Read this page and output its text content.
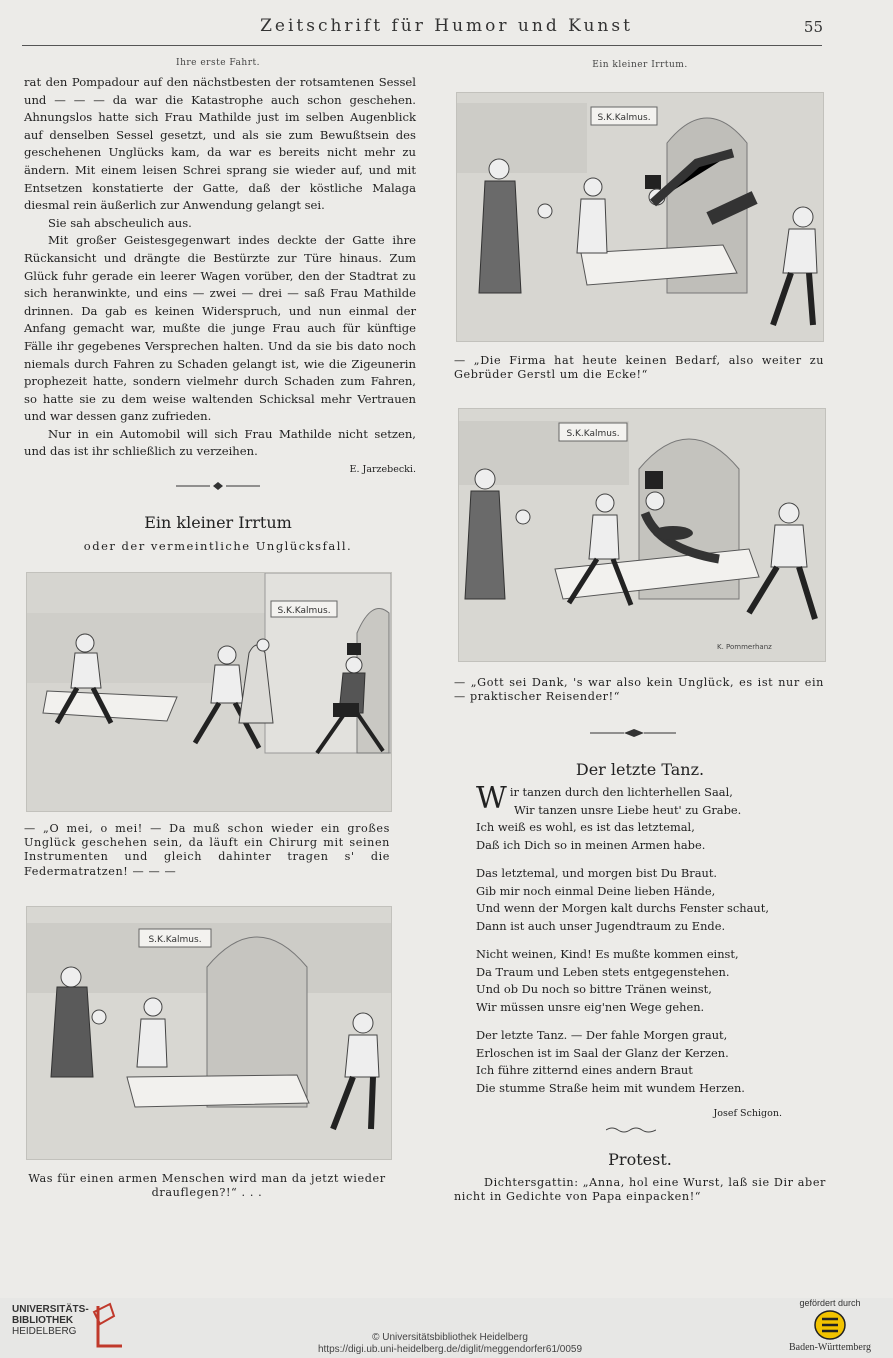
Zeitschrift für Humor und Kunst	55
Ihre erste Fahrt.

rat den Pompadour auf den nächstbesten der rotsamtenen Sessel und — — — da war die Katastrophe auch schon geschehen. Ahnungslos hatte sich Frau Mathilde just im selben Augenblick auf denselben Sessel gesetzt, und als sie zum Bewußtsein des geschehenen Unglücks kam, da war es bereits nicht mehr zu ändern. Mit einem leisen Schrei sprang sie wieder auf, und mit Entsetzen konstatierte der Gatte, daß der köstliche Malaga diesmal rein äußerlich zur Anwendung gelangt sei.

Sie sah abscheulich aus.

Mit großer Geistesgegenwart indes deckte der Gatte ihre Rückansicht und drängte die Bestürzte zur Türe hinaus. Zum Glück fuhr gerade ein leerer Wagen vorüber, den der Stadtrat zu sich heranwinkte, und eins — zwei — drei — saß Frau Mathilde drinnen. Da gab es keinen Widerspruch, und nun einmal der Anfang gemacht war, mußte die junge Frau auch für künftige Fälle ihr gegebenes Versprechen halten. Und da sie bis dato noch niemals durch Fahren zu Schaden gelangt ist, wie die Zigeunerin prophezeit hatte, sondern vielmehr durch Schaden zum Fahren, so hatte sie zu dem weise waltenden Schicksal mehr Vertrauen und war dessen ganz zufrieden.

Nur in ein Automobil will sich Frau Mathilde nicht setzen, und das ist ihr schließlich zu verzeihen.

E. Jarzebecki.
Ein kleiner Irrtum
oder der vermeintliche Unglücksfall.
S.K.Kalmus.
— „O mei, o mei! — Da muß schon wieder ein großes Unglück geschehen sein, da läuft ein Chirurg mit seinen Instrumenten und gleich dahinter tragen s' die Federmatratzen! — — —
S.K.Kalmus.
Was für einen armen Menschen wird man da jetzt wieder drauflegen?!“ . . .
Ein kleiner Irrtum.
S.K.Kalmus.
— „Die Firma hat heute keinen Bedarf, also weiter zu Gebrüder Gerstl um die Ecke!“
S.K.Kalmus.
K. Pommerhanz
— „Gott sei Dank, 's war also kein Unglück, es ist nur ein — praktischer Reisender!“
Der letzte Tanz.
W ir tanzen durch den lichterhellen Saal,

Wir tanzen unsre Liebe heut' zu Grabe.

Ich weiß es wohl, es ist das letztemal,

Daß ich Dich so in meinen Armen habe.

Das letztemal, und morgen bist Du Braut.

Gib mir noch einmal Deine lieben Hände,

Und wenn der Morgen kalt durchs Fenster schaut,

Dann ist auch unser Jugendtraum zu Ende.

Nicht weinen, Kind! Es mußte kommen einst,

Da Traum und Leben stets entgegenstehen.

Und ob Du noch so bittre Tränen weinst,

Wir müssen unsre eig'nen Wege gehen.

Der letzte Tanz. — Der fahle Morgen graut,

Erloschen ist im Saal der Glanz der Kerzen.

Ich führe zitternd eines andern Braut

Die stumme Straße heim mit wundem Herzen.

Josef Schigon.
Protest.
Dichtersgattin: „Anna, hol eine Wurst, laß sie Dir aber nicht in Gedichte von Papa einpacken!“
UNIVERSITÄTS-
BIBLIOTHEK
HEIDELBERG
© Universitätsbibliothek Heidelberg
https://digi.ub.uni-heidelberg.de/diglit/meggendorfer61/0059
gefördert durch
Baden-Württemberg
